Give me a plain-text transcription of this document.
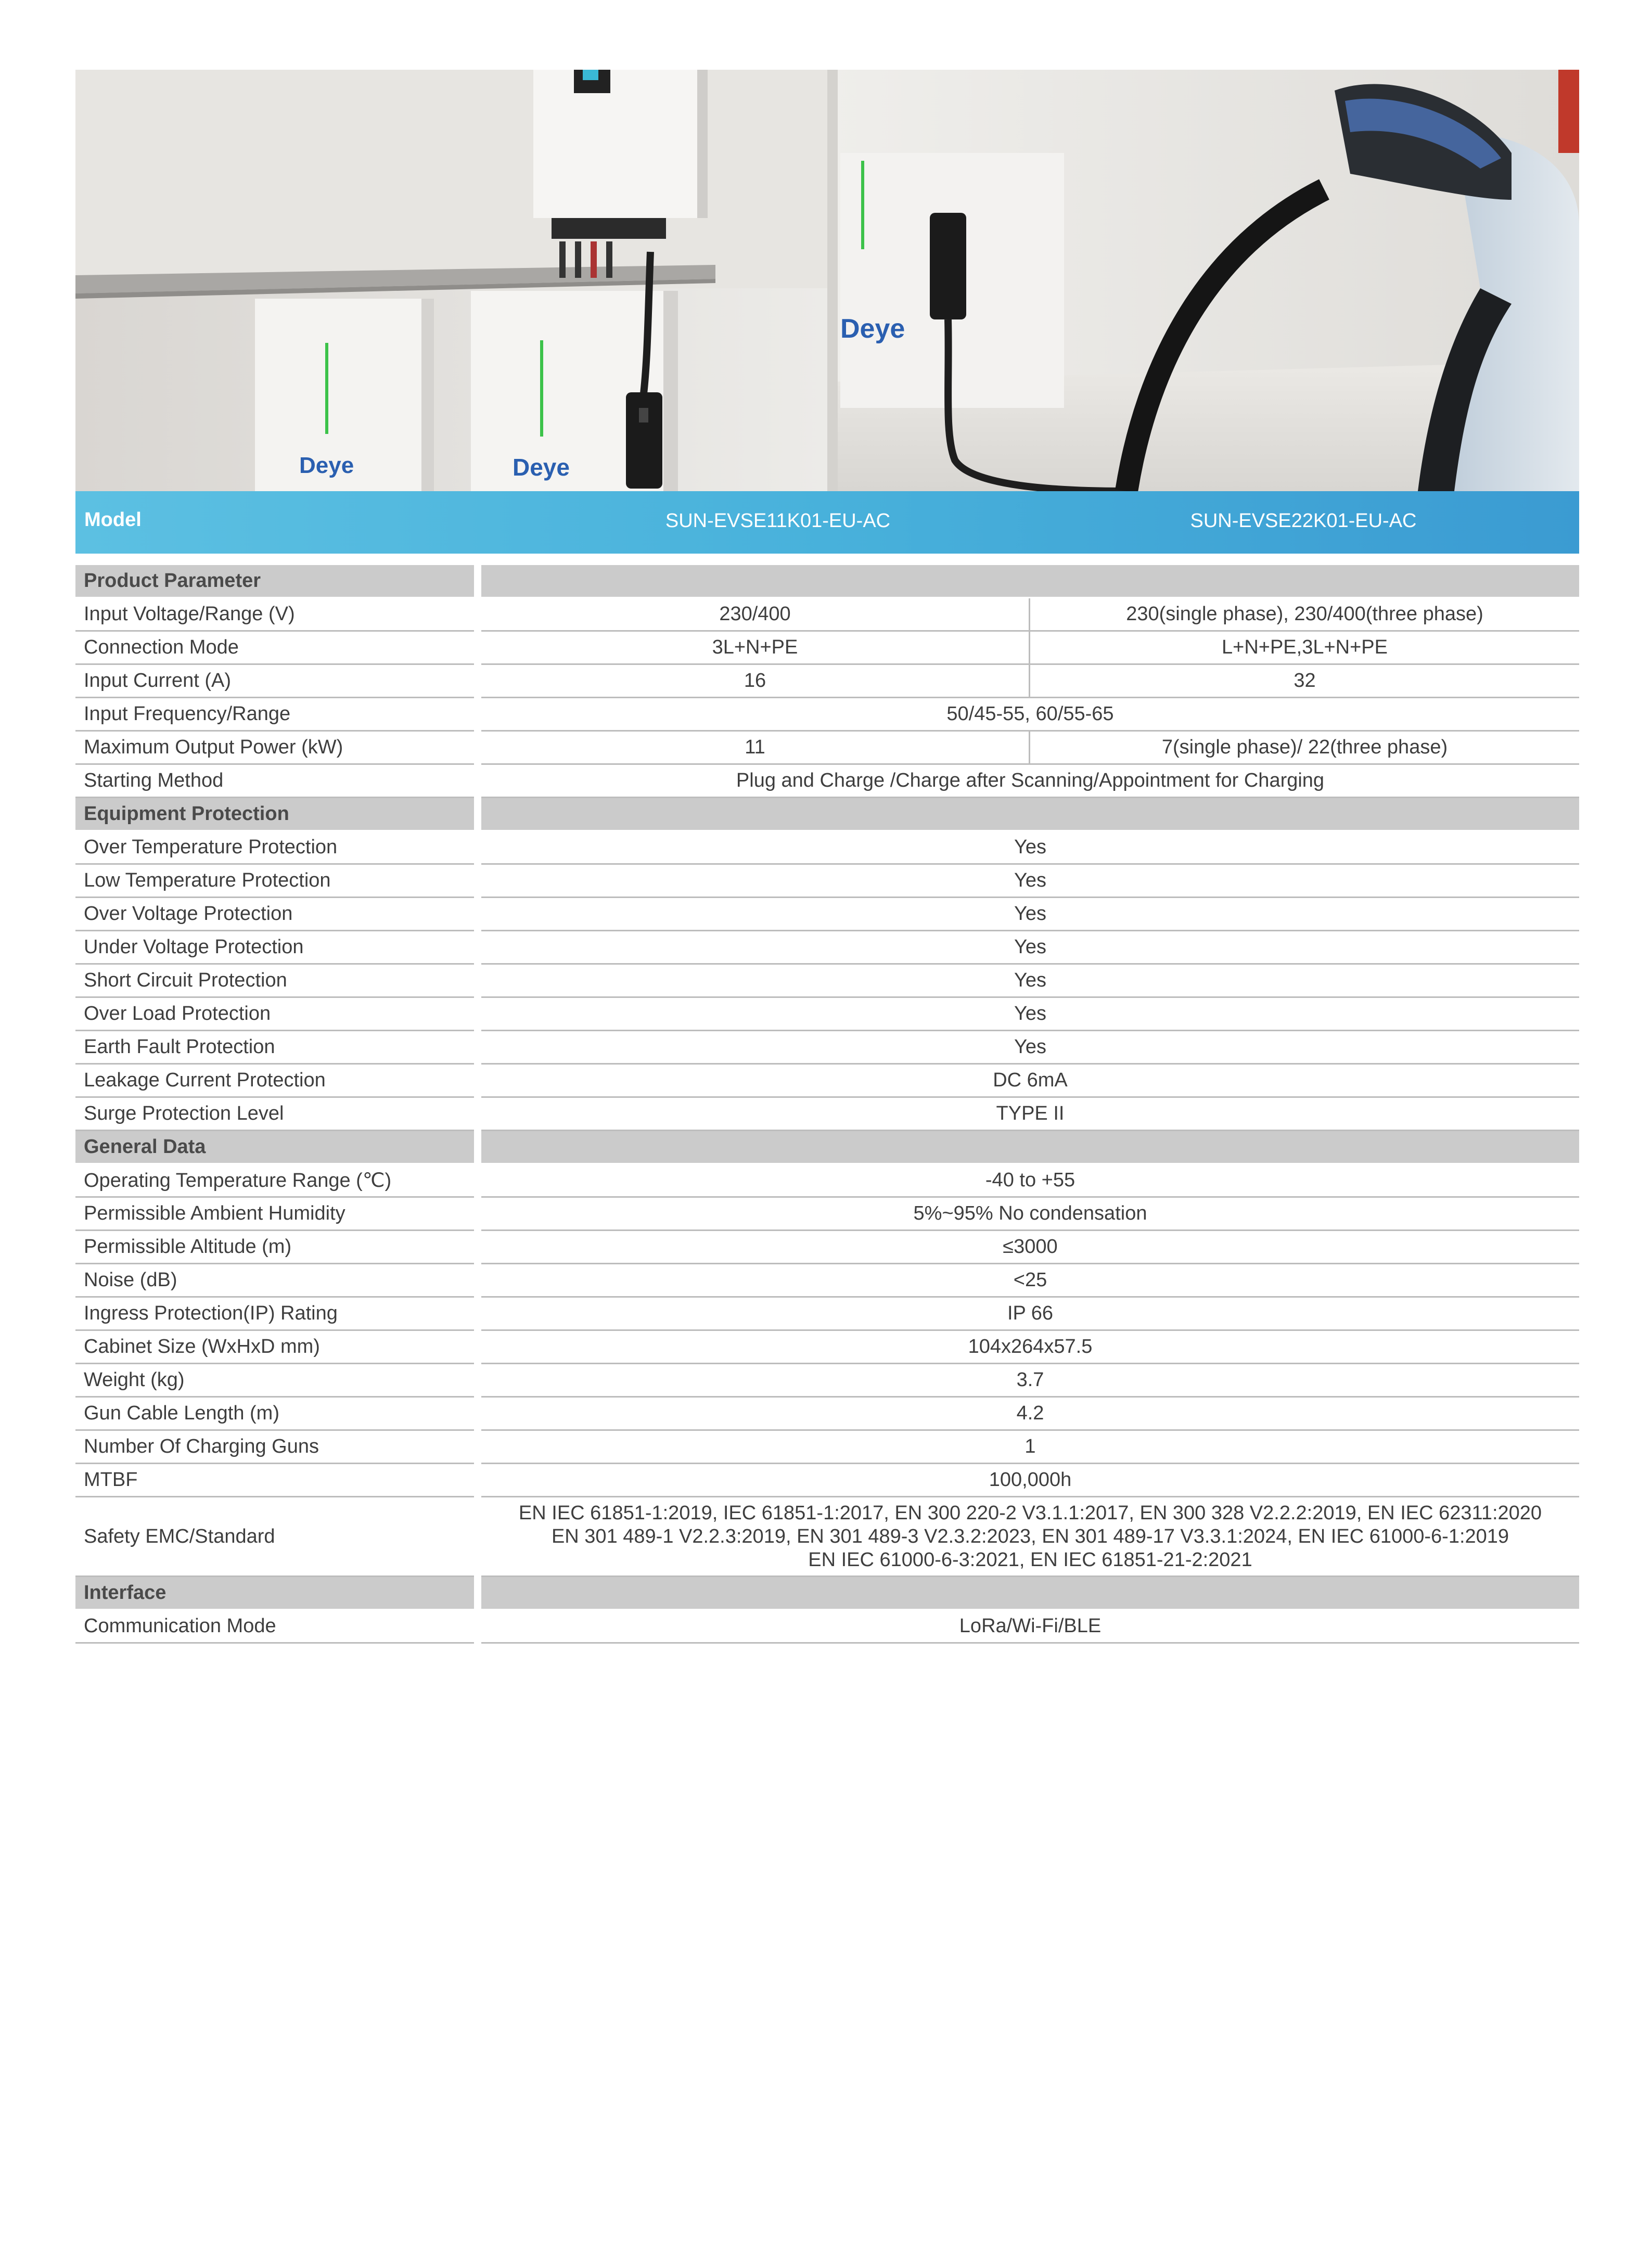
Deye	Deye
Deye
Model	SUN-EVSE11K01-EU-AC	SUN-EVSE22K01-EU-AC
Product Parameter			
Input Voltage/Range (V)		230/400	230(single phase), 230/400(three phase)
Connection Mode		3L+N+PE	L+N+PE,3L+N+PE
Input Current (A)		16	32
Input Frequency/Range		50/45-55, 60/55-65	
Maximum Output Power (kW)		11	7(single phase)/ 22(three phase)
Starting Method		Plug and Charge /Charge after Scanning/Appointment for Charging	
Equipment Protection			
Over Temperature Protection		Yes	
Low Temperature Protection		Yes	
Over Voltage Protection		Yes	
Under Voltage Protection		Yes	
Short Circuit Protection		Yes	
Over Load Protection		Yes	
Earth Fault Protection		Yes	
Leakage Current Protection		DC 6mA	
Surge Protection Level		TYPE II	
General Data			
Operating Temperature Range (℃)		-40 to +55	
Permissible Ambient Humidity		5%~95% No condensation	
Permissible Altitude (m)		≤3000	
Noise (dB)		<25	
Ingress Protection(IP) Rating		IP 66	
Cabinet Size (WxHxD mm)		104x264x57.5	
Weight (kg)		3.7	
Gun Cable Length (m)		4.2	
Number Of Charging Guns		1	
MTBF		100,000h	
Safety EMC/Standard		EN IEC 61851-1:2019, IEC 61851-1:2017, EN 300 220-2 V3.1.1:2017, EN 300 328 V2.2.2:2019, EN IEC 62311:2020
EN 301 489-1 V2.2.3:2019, EN 301 489-3 V2.3.2:2023, EN 301 489-17 V3.3.1:2024, EN IEC 61000-6-1:2019
EN IEC 61000-6-3:2021, EN IEC 61851-21-2:2021	

Interface			
Communication Mode		LoRa/Wi-Fi/BLE	
